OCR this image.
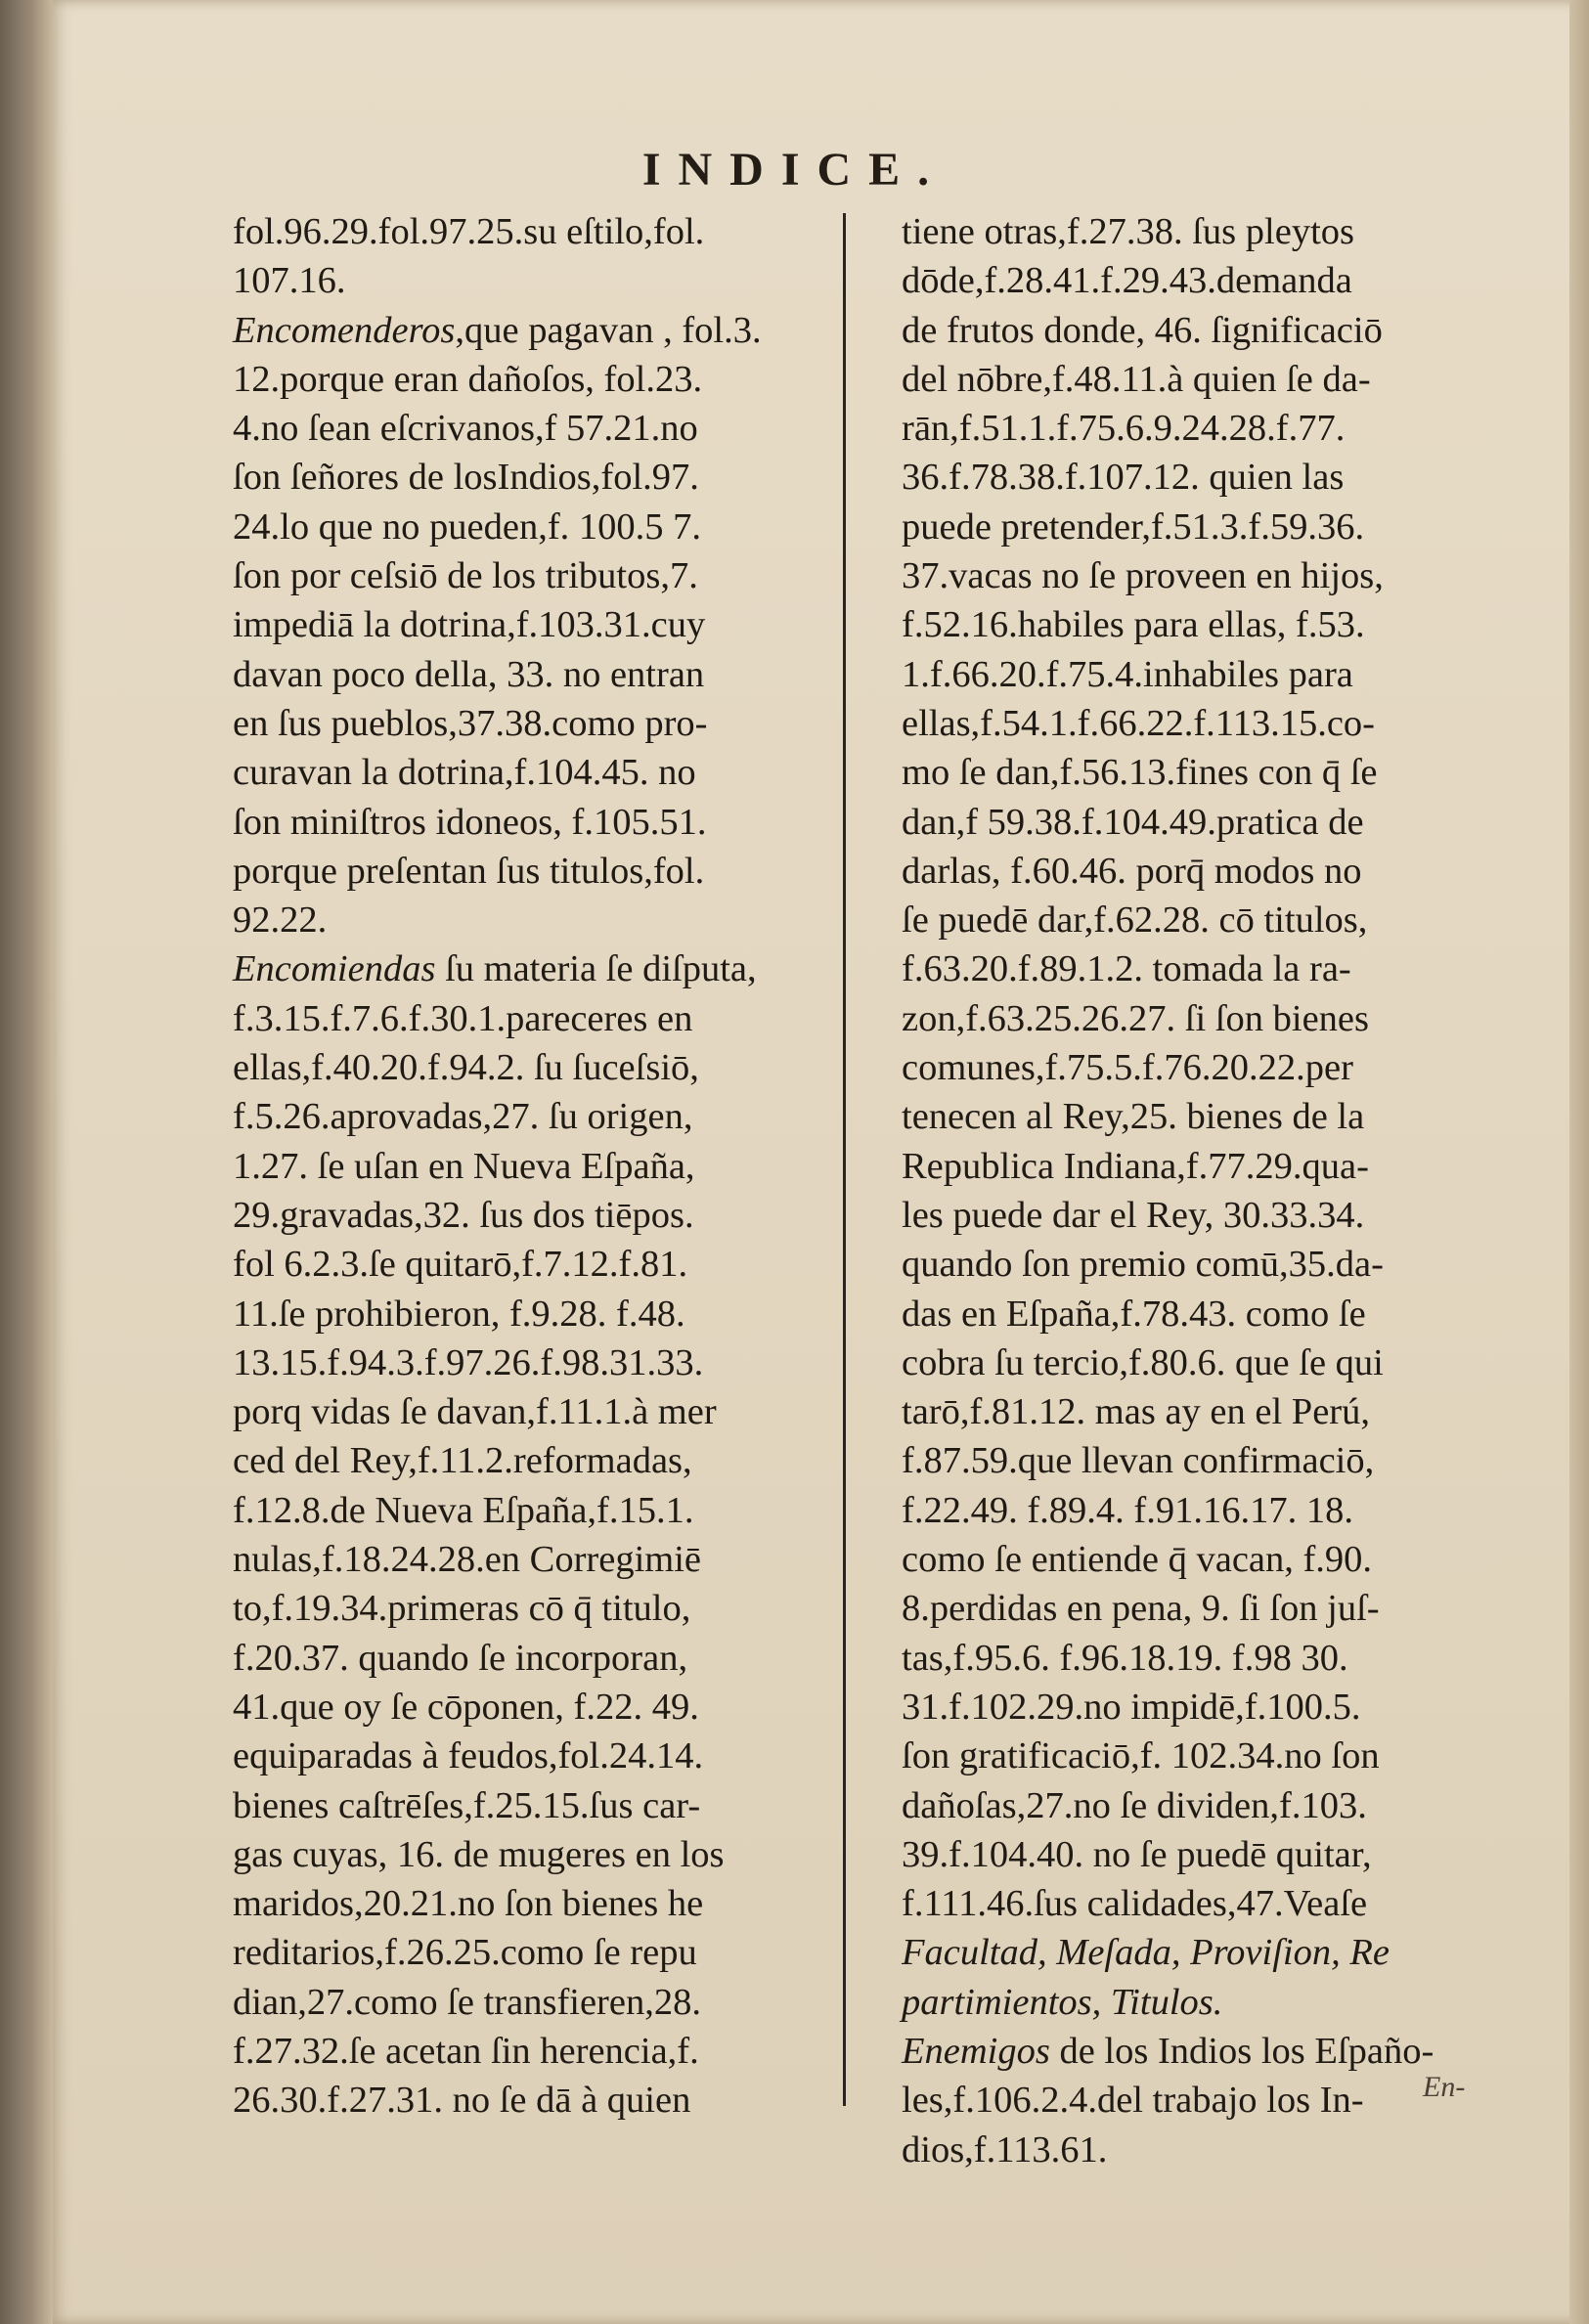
INDICE.
fol.96.29.fol.97.25.su eſtilo,fol.
107.16.
Encomenderos,que pagavan , fol.3.
12.porque eran dañoſos, fol.23.
4.no ſean eſcrivanos,f 57.21.no
ſon ſeñores de losIndios,fol.97.
24.lo que no pueden,f. 100.5 7.
ſon por ceſsiō de los tributos,7.
impediā la dotrina,f.103.31.cuy
davan poco della, 33. no entran
en ſus pueblos,37.38.como pro-
curavan la dotrina,f.104.45. no
ſon miniſtros idoneos, f.105.51.
porque preſentan ſus titulos,fol.
92.22.
Encomiendas ſu materia ſe diſputa,
f.3.15.f.7.6.f.30.1.pareceres en
ellas,f.40.20.f.94.2. ſu ſuceſsiō,
f.5.26.aprovadas,27. ſu origen,
1.27. ſe uſan en Nueva Eſpaña,
29.gravadas,32. ſus dos tiēpos.
fol 6.2.3.ſe quitarō,f.7.12.f.81.
11.ſe prohibieron, f.9.28. f.48.
13.15.f.94.3.f.97.26.f.98.31.33.
porq vidas ſe davan,f.11.1.à mer
ced del Rey,f.11.2.reformadas,
f.12.8.de Nueva Eſpaña,f.15.1.
nulas,f.18.24.28.en Corregimiē
to,f.19.34.primeras cō q̄ titulo,
f.20.37. quando ſe incorporan,
41.que oy ſe cōponen, f.22. 49.
equiparadas à feudos,fol.24.14.
bienes caſtrēſes,f.25.15.ſus car-
gas cuyas, 16. de mugeres en los
maridos,20.21.no ſon bienes he
reditarios,f.26.25.como ſe repu
dian,27.como ſe transfieren,28.
f.27.32.ſe acetan ſin herencia,f.
26.30.f.27.31. no ſe dā à quien
tiene otras,f.27.38. ſus pleytos
dōde,f.28.41.f.29.43.demanda
de frutos donde, 46. ſignificaciō
del nōbre,f.48.11.à quien ſe da-
rān,f.51.1.f.75.6.9.24.28.f.77.
36.f.78.38.f.107.12. quien las
puede pretender,f.51.3.f.59.36.
37.vacas no ſe proveen en hijos,
f.52.16.habiles para ellas, f.53.
1.f.66.20.f.75.4.inhabiles para
ellas,f.54.1.f.66.22.f.113.15.co-
mo ſe dan,f.56.13.fines con q̄ ſe
dan,f 59.38.f.104.49.pratica de
darlas, f.60.46. porq̄ modos no
ſe puedē dar,f.62.28. cō titulos,
f.63.20.f.89.1.2. tomada la ra-
zon,f.63.25.26.27. ſi ſon bienes
comunes,f.75.5.f.76.20.22.per
tenecen al Rey,25. bienes de la
Republica Indiana,f.77.29.qua-
les puede dar el Rey, 30.33.34.
quando ſon premio comū,35.da-
das en Eſpaña,f.78.43. como ſe
cobra ſu tercio,f.80.6. que ſe qui
tarō,f.81.12. mas ay en el Perú,
f.87.59.que llevan confirmaciō,
f.22.49. f.89.4. f.91.16.17. 18.
como ſe entiende q̄ vacan, f.90.
8.perdidas en pena, 9. ſi ſon juſ-
tas,f.95.6. f.96.18.19. f.98 30.
31.f.102.29.no impidē,f.100.5.
ſon gratificaciō,f. 102.34.no ſon
dañoſas,27.no ſe dividen,f.103.
39.f.104.40. no ſe puedē quitar,
f.111.46.ſus calidades,47.Veaſe
Facultad, Meſada, Proviſion, Re
partimientos, Titulos.
Enemigos de los Indios los Eſpaño-
les,f.106.2.4.del trabajo los In-
dios,f.113.61.
En-
